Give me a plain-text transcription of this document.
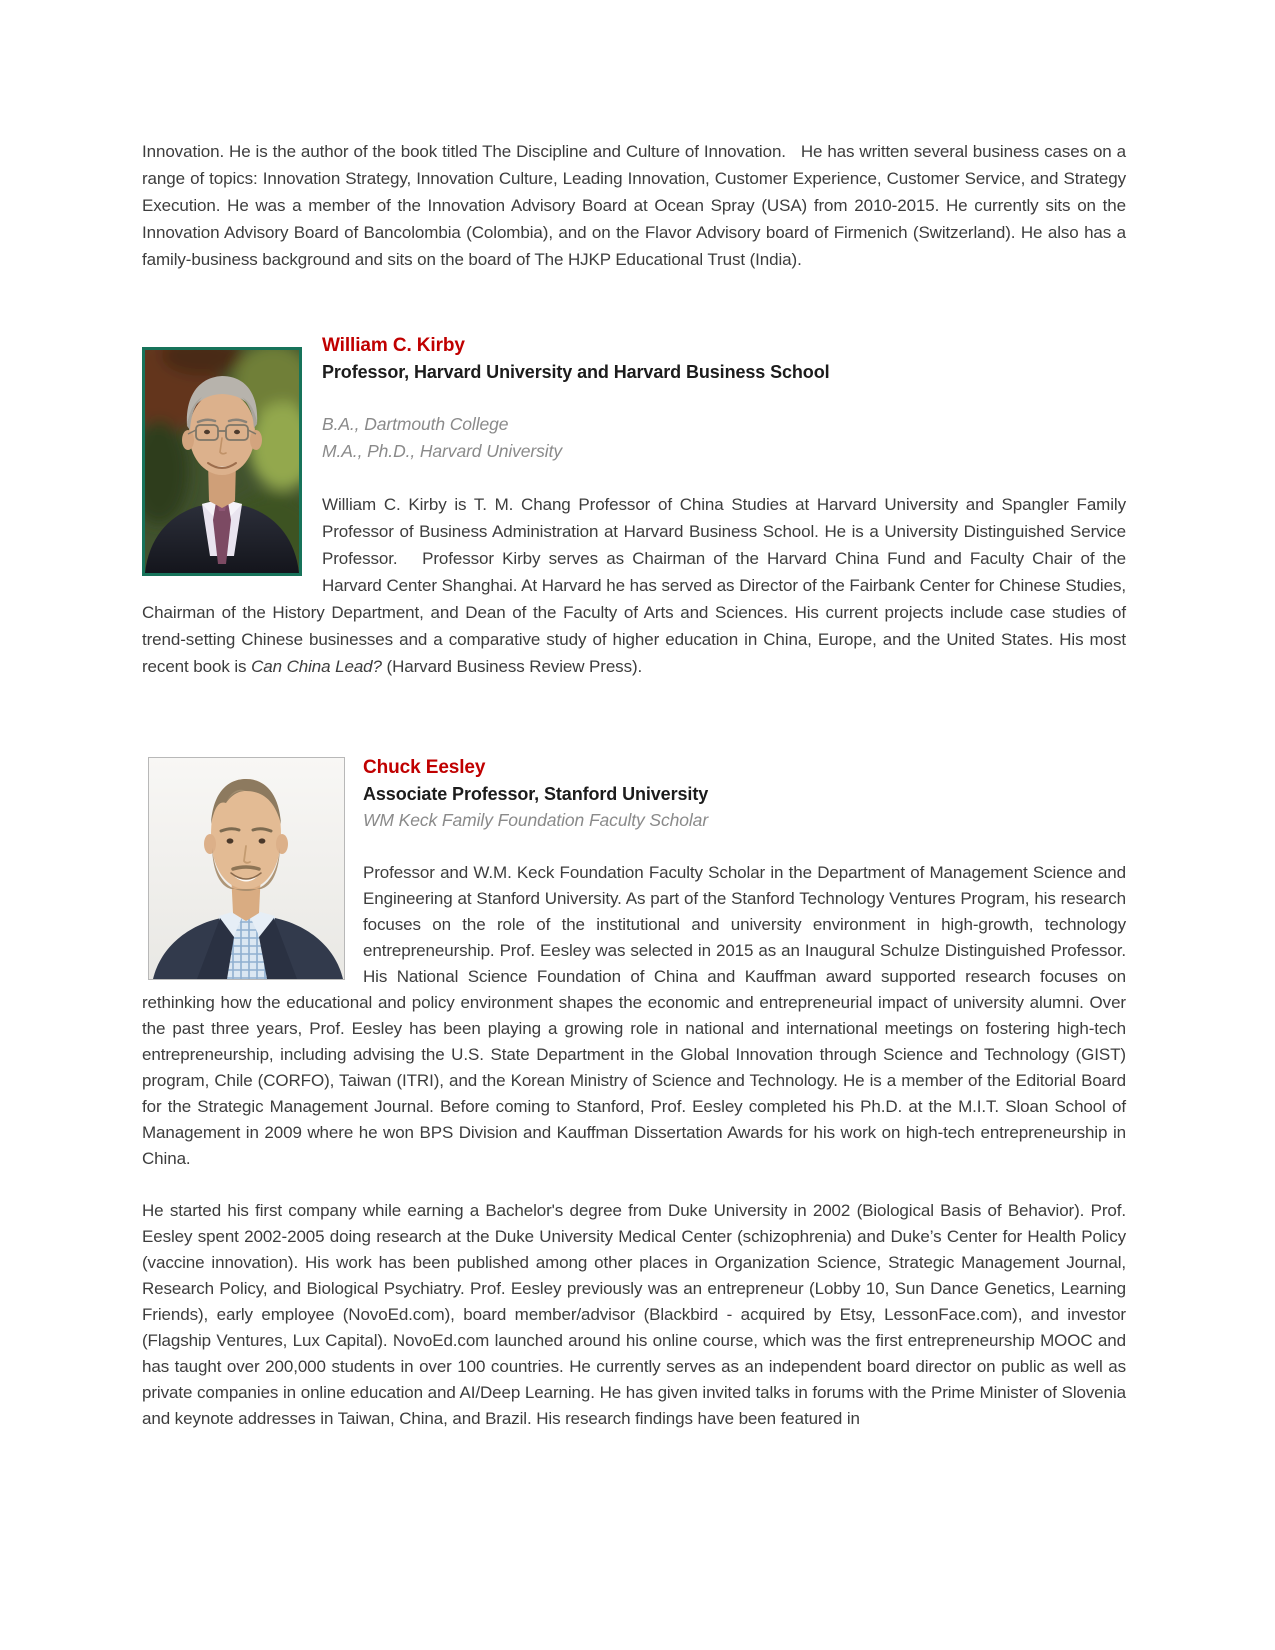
Innovation. He is the author of the book titled The Discipline and Culture of Innovation.   He has written several business cases on a range of topics: Innovation Strategy, Innovation Culture, Leading Innovation, Customer Experience, Customer Service, and Strategy Execution. He was a member of the Innovation Advisory Board at Ocean Spray (USA) from 2010-2015. He currently sits on the Innovation Advisory Board of Bancolombia (Colombia), and on the Flavor Advisory board of Firmenich (Switzerland). He also has a family-business background and sits on the board of The HJKP Educational Trust (India).

William C. Kirby
Professor, Harvard University and Harvard Business School
B.A., Dartmouth College
M.A., Ph.D., Harvard University

William C. Kirby is T. M. Chang Professor of China Studies at Harvard University and Spangler Family Professor of Business Administration at Harvard Business School. He is a University Distinguished Service Professor.   Professor Kirby serves as Chairman of the Harvard China Fund and Faculty Chair of the Harvard Center Shanghai. At Harvard he has served as Director of the Fairbank Center for Chinese Studies, Chairman of the History Department, and Dean of the Faculty of Arts and Sciences. His current projects include case studies of trend-setting Chinese businesses and a comparative study of higher education in China, Europe, and the United States. His most recent book is Can China Lead? (Harvard Business Review Press).

Chuck Eesley
Associate Professor, Stanford University
WM Keck Family Foundation Faculty Scholar

Professor and W.M. Keck Foundation Faculty Scholar in the Department of Management Science and Engineering at Stanford University. As part of the Stanford Technology Ventures Program, his research focuses on the role of the institutional and university environment in high-growth, technology entrepreneurship. Prof. Eesley was selected in 2015 as an Inaugural Schulze Distinguished Professor. His National Science Foundation of China and Kauffman award supported research focuses on rethinking how the educational and policy environment shapes the economic and entrepreneurial impact of university alumni. Over the past three years, Prof. Eesley has been playing a growing role in national and international meetings on fostering high-tech entrepreneurship, including advising the U.S. State Department in the Global Innovation through Science and Technology (GIST) program, Chile (CORFO), Taiwan (ITRI), and the Korean Ministry of Science and Technology. He is a member of the Editorial Board for the Strategic Management Journal. Before coming to Stanford, Prof. Eesley completed his Ph.D. at the M.I.T. Sloan School of Management in 2009 where he won BPS Division and Kauffman Dissertation Awards for his work on high-tech entrepreneurship in China.

He started his first company while earning a Bachelor's degree from Duke University in 2002 (Biological Basis of Behavior). Prof. Eesley spent 2002-2005 doing research at the Duke University Medical Center (schizophrenia) and Duke’s Center for Health Policy (vaccine innovation). His work has been published among other places in Organization Science, Strategic Management Journal, Research Policy, and Biological Psychiatry. Prof. Eesley previously was an entrepreneur (Lobby 10, Sun Dance Genetics, Learning Friends), early employee (NovoEd.com), board member/advisor (Blackbird - acquired by Etsy, LessonFace.com), and investor (Flagship Ventures, Lux Capital). NovoEd.com launched around his online course, which was the first entrepreneurship MOOC and has taught over 200,000 students in over 100 countries. He currently serves as an independent board director on public as well as private companies in online education and AI/Deep Learning. He has given invited talks in forums with the Prime Minister of Slovenia and keynote addresses in Taiwan, China, and Brazil. His research findings have been featured in
